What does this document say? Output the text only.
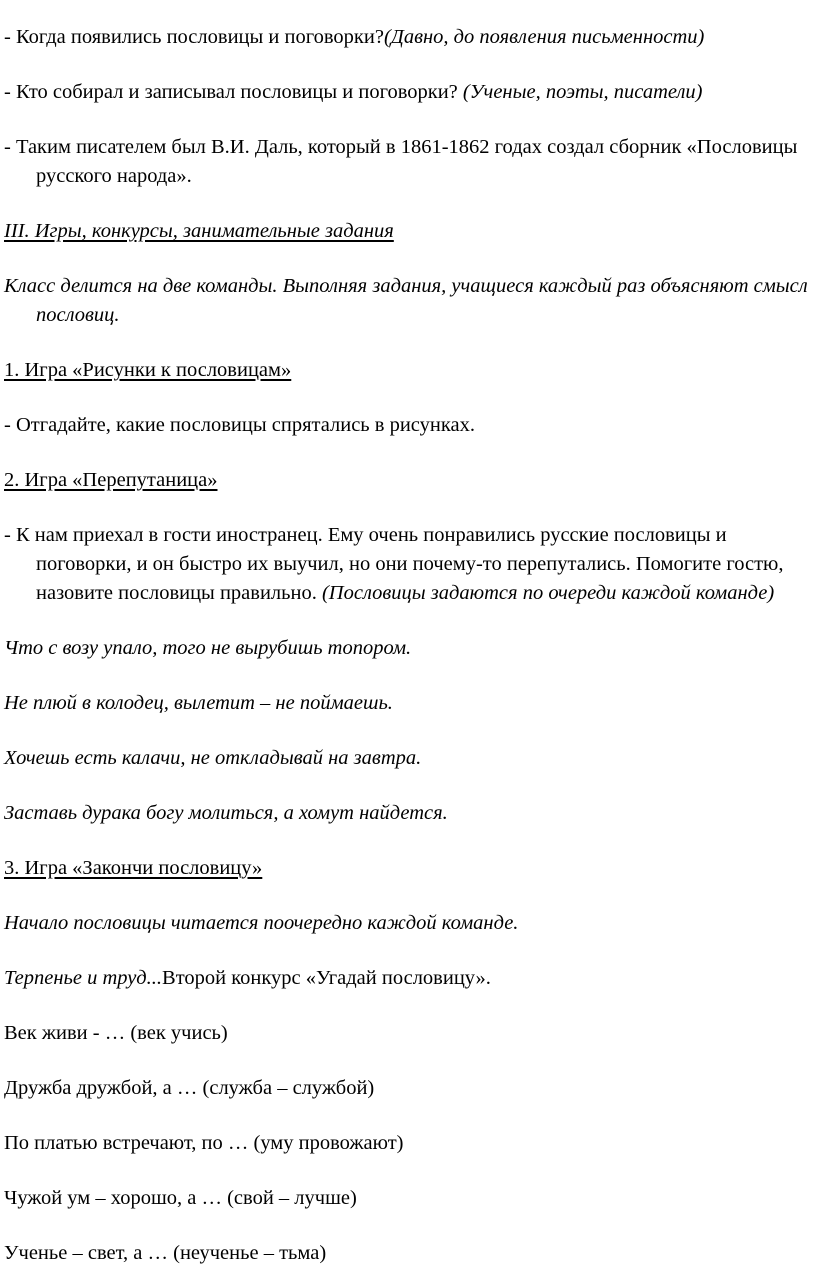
- Когда появились пословицы и поговорки?(Давно, до появления письменности)

- Кто собирал и записывал пословицы и поговорки? (Ученые, поэты, писатели)

- Таким писателем был В.И. Даль, который в 1861-1862 годах создал сборник «Пословицы русского народа».

III. Игры, конкурсы, занимательные задания

Класс делится на две команды. Выполняя задания, учащиеся каждый раз объясняют смысл пословиц.

1. Игра «Рисунки к пословицам»

- Отгадайте, какие пословицы спрятались в рисунках.

2. Игра «Перепутаница»

- К нам приехал в гости иностранец. Ему очень понравились русские пословицы и поговорки, и он быстро их выучил, но они почему-то перепутались. Помогите гостю, назовите пословицы правильно. (Пословицы задаются по очереди каждой команде)

Что с возу упало, того не вырубишь топором.

Не плюй в колодец, вылетит – не поймаешь.

Хочешь есть калачи, не откладывай на завтра.

Заставь дурака богу молиться, а хомут найдется.

3. Игра «Закончи пословицу»

Начало пословицы читается поочередно каждой команде.

Терпенье и труд...Второй конкурс «Угадай пословицу».

Век живи - … (век учись)

Дружба дружбой, а … (служба – службой)

По платью встречают, по … (уму провожают)

Чужой ум – хорошо, а … (свой – лучше)

Ученье – свет, а … (неученье – тьма)
